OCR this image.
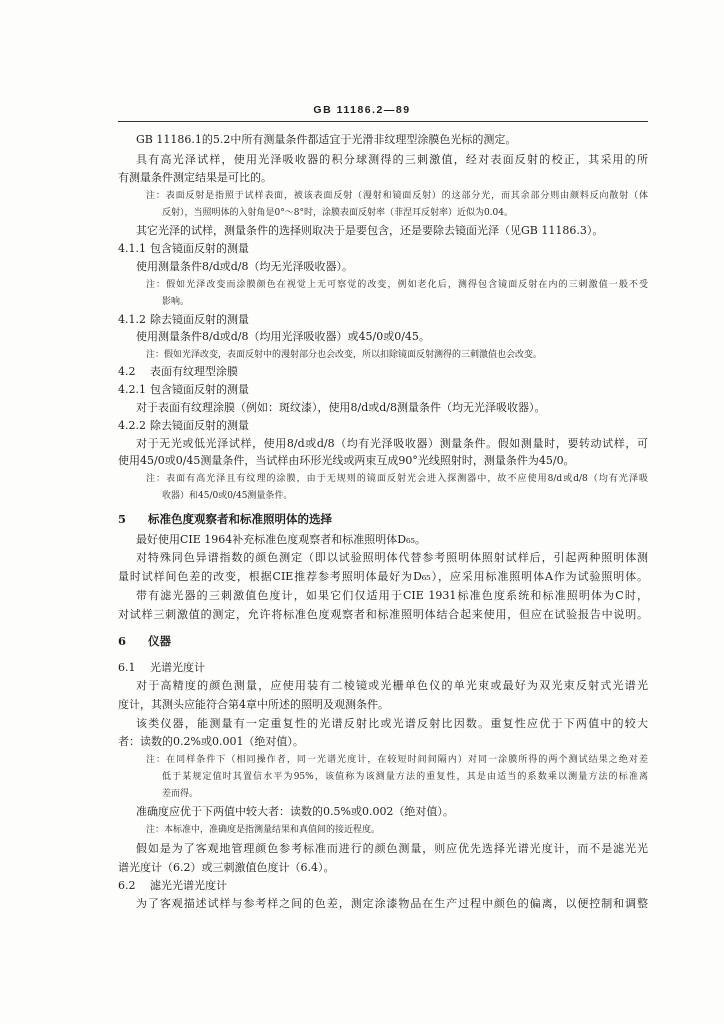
GB 11186.2—89
GB 11186.1的5.2中所有测量条件都适宜于光滑非纹理型涂膜色光标的测定。
具有高光泽试样，使用光泽吸收器的积分球测得的三刺激值，经对表面反射的校正，其采用的所
有测量条件测定结果是可比的。
注：表面反射是指照于试样表面，被该表面反射（漫射和镜面反射）的这部分光，而其余部分则由颜料反向散射（体
反射），当照明体的入射角是0°～8°时，涂膜表面反射率（菲涅耳反射率）近似为0.04。
其它光泽的试样，测量条件的选择则取决于是要包含，还是要除去镜面光泽（见GB 11186.3）。
4.1.1 包含镜面反射的测量
使用测量条件8/d或d/8（均无光泽吸收器）。
注：假如光泽改变而涂膜颜色在视觉上无可察觉的改变，例如老化后，测得包含镜面反射在内的三刺激值一般不受
影响。
4.1.2 除去镜面反射的测量
使用测量条件8/d或d/8（均用光泽吸收器）或45/0或0/45。
注：假如光泽改变，表面反射中的漫射部分也会改变，所以扣除镜面反射测得的三刺激值也会改变。
4.2 表面有纹理型涂膜
4.2.1 包含镜面反射的测量
对于表面有纹理涂膜（例如：斑纹漆），使用8/d或d/8测量条件（均无光泽吸收器）。
4.2.2 除去镜面反射的测量
对于无光或低光泽试样，使用8/d或d/8（均有光泽吸收器）测量条件。假如测量时，要转动试样，可
使用45/0或0/45测量条件，当试样由环形光线或两束互成90°光线照射时，测量条件为45/0。
注：表面有高光泽且有纹理的涂膜，由于无规则的镜面反射光会进入探测器中，故不应使用8/d或d/8（均有光泽吸
收器）和45/0或0/45测量条件。
5 标准色度观察者和标准照明体的选择
最好使用CIE 1964补充标准色度观察者和标准照明体D₆₅。
对特殊同色异谱指数的颜色测定（即以试验照明体代替参考照明体照射试样后，引起两种照明体测
量时试样间色差的改变，根据CIE推荐参考照明体最好为D₆₅），应采用标准照明体A作为试验照明体。
带有滤光器的三刺激值色度计，如果它们仅适用于CIE 1931标准色度系统和标准照明体为C时，
对试样三刺激值的测定，允许将标准色度观察者和标准照明体结合起来使用，但应在试验报告中说明。
6 仪器
6.1 光谱光度计
对于高精度的颜色测量，应使用装有二棱镜或光栅单色仪的单光束或最好为双光束反射式光谱光
度计，其测头应能符合第4章中所述的照明及观测条件。
该类仪器，能测量有一定重复性的光谱反射比或光谱反射比因数。重复性应优于下两值中的较大
者：读数的0.2%或0.001（绝对值）。
注：在同样条件下（相同操作者，同一光谱光度计，在较短时间间隔内）对同一涂膜所得的两个测试结果之绝对差
低于某规定值时其置信水平为95%，该值称为该测量方法的重复性，其是由适当的系数乘以测量方法的标准离
差而得。
准确度应优于下两值中较大者：读数的0.5%或0.002（绝对值）。
注：本标准中，准确度是指测量结果和真值间的接近程度。
假如是为了客观地管理颜色参考标准而进行的颜色测量，则应优先选择光谱光度计，而不是滤光光
谱光度计（6.2）或三刺激值色度计（6.4）。
6.2 滤光光谱光度计
为了客观描述试样与参考样之间的色差，测定涂漆物品在生产过程中颜色的偏离，以便控制和调整
